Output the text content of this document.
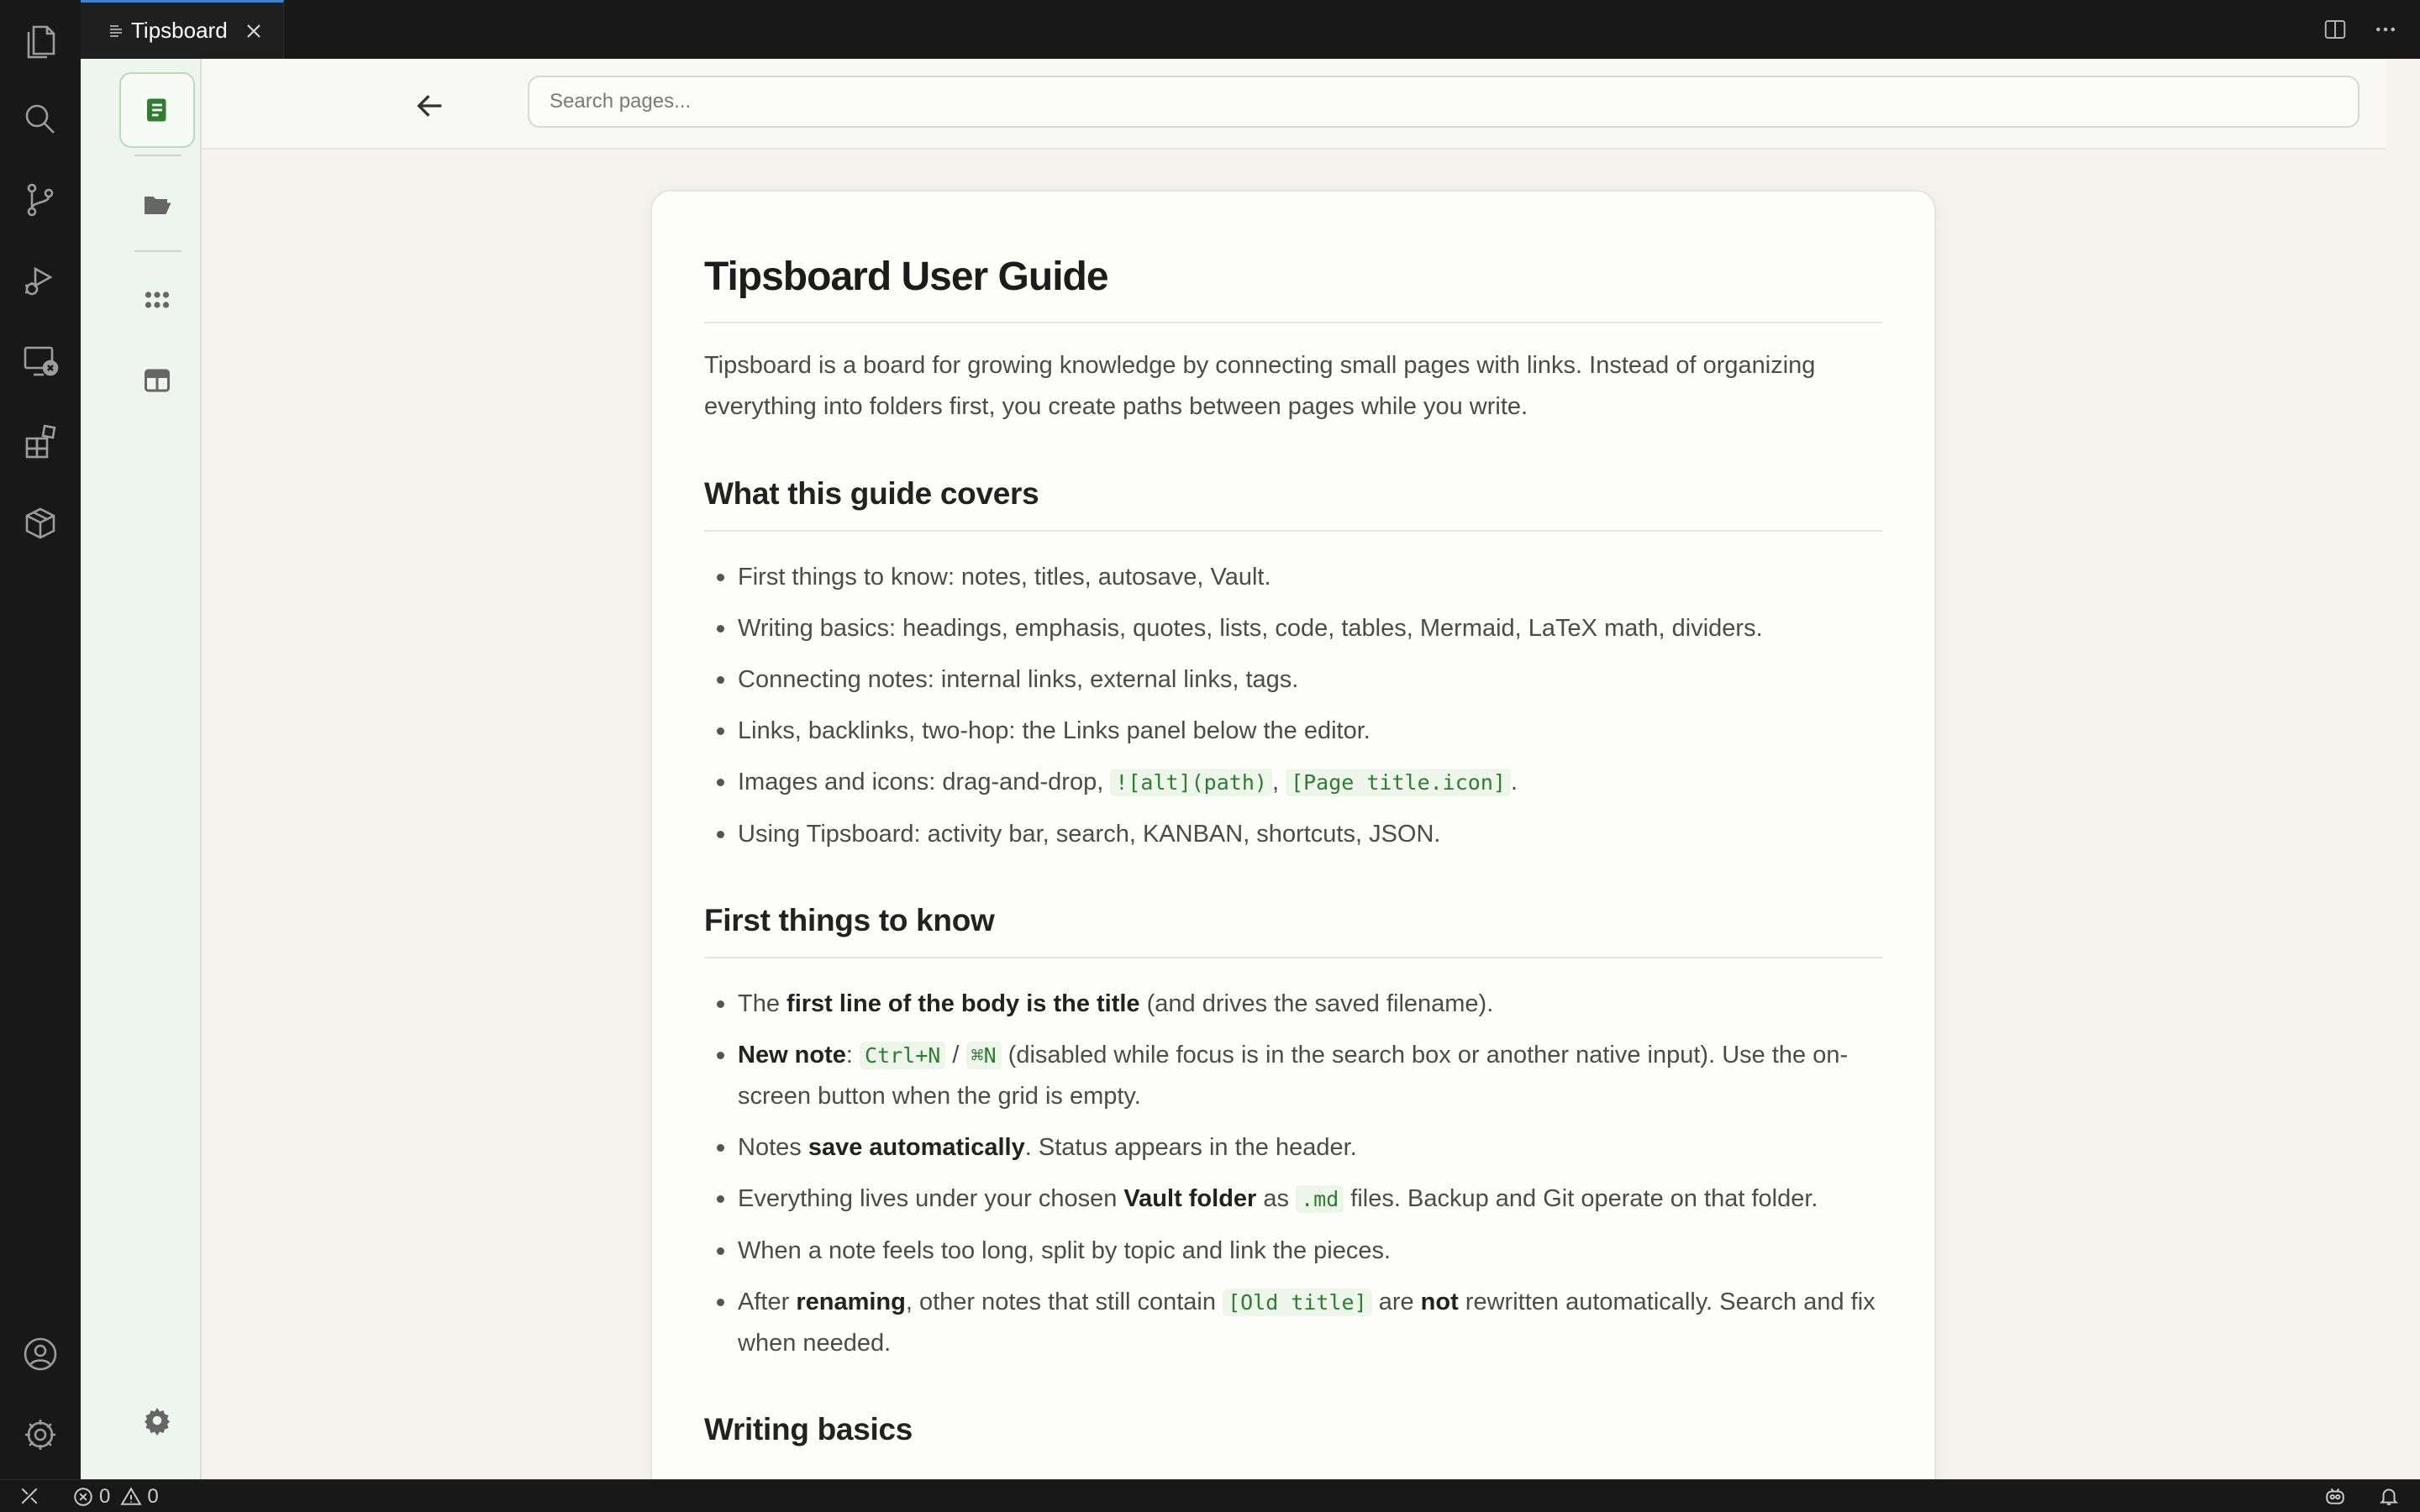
Tipsboard
Search pages...
Tipsboard User Guide

Tipsboard is a board for growing knowledge by connecting small pages with links. Instead of organizing everything into folders first, you create paths between pages while you write.

What this guide covers
First things to know: notes, titles, autosave, Vault.
Writing basics: headings, emphasis, quotes, lists, code, tables, Mermaid, LaTeX math, dividers.
Connecting notes: internal links, external links, tags.
Links, backlinks, two-hop: the Links panel below the editor.
Images and icons: drag-and-drop, ![alt](path) , [Page title.icon] .
Using Tipsboard: activity bar, search, KANBAN, shortcuts, JSON.
First things to know
The first line of the body is the title (and drives the saved filename).
New note: Ctrl+N / ⌘N (disabled while focus is in the search box or another native input). Use the on-screen button when the grid is empty.
Notes save automatically. Status appears in the header.
Everything lives under your chosen Vault folder as .md files. Backup and Git operate on that folder.
When a note feels too long, split by topic and link the pieces.
After renaming, other notes that still contain [Old title] are not rewritten automatically. Search and fix when needed.
Writing basics
0 0
